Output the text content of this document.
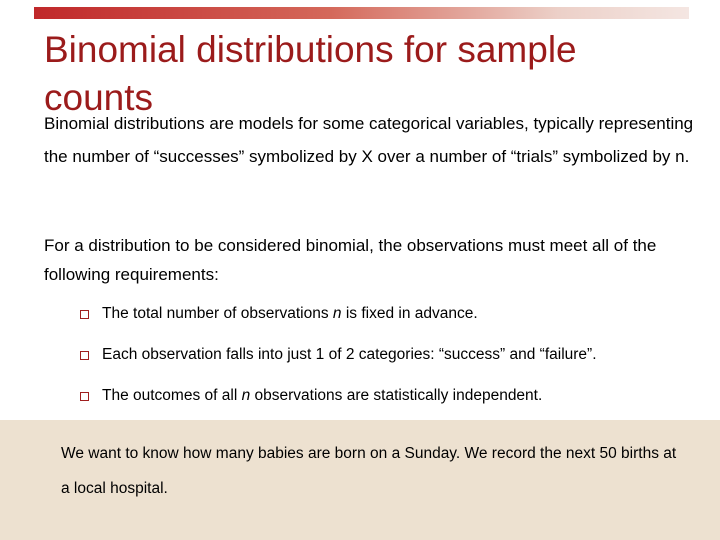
Binomial distributions for sample counts

Binomial distributions are models for some categorical variables, typically representing the number of “successes” symbolized by X over a number of “trials” symbolized by n.

For a distribution to be considered binomial, the observations must meet all of the following requirements:

The total number of observations n is fixed in advance.
Each observation falls into just 1 of 2 categories: “success” and “failure”.
The outcomes of all n observations are statistically independent.

We want to know how many babies are born on a Sunday. We record the next 50 births at a local hospital.
